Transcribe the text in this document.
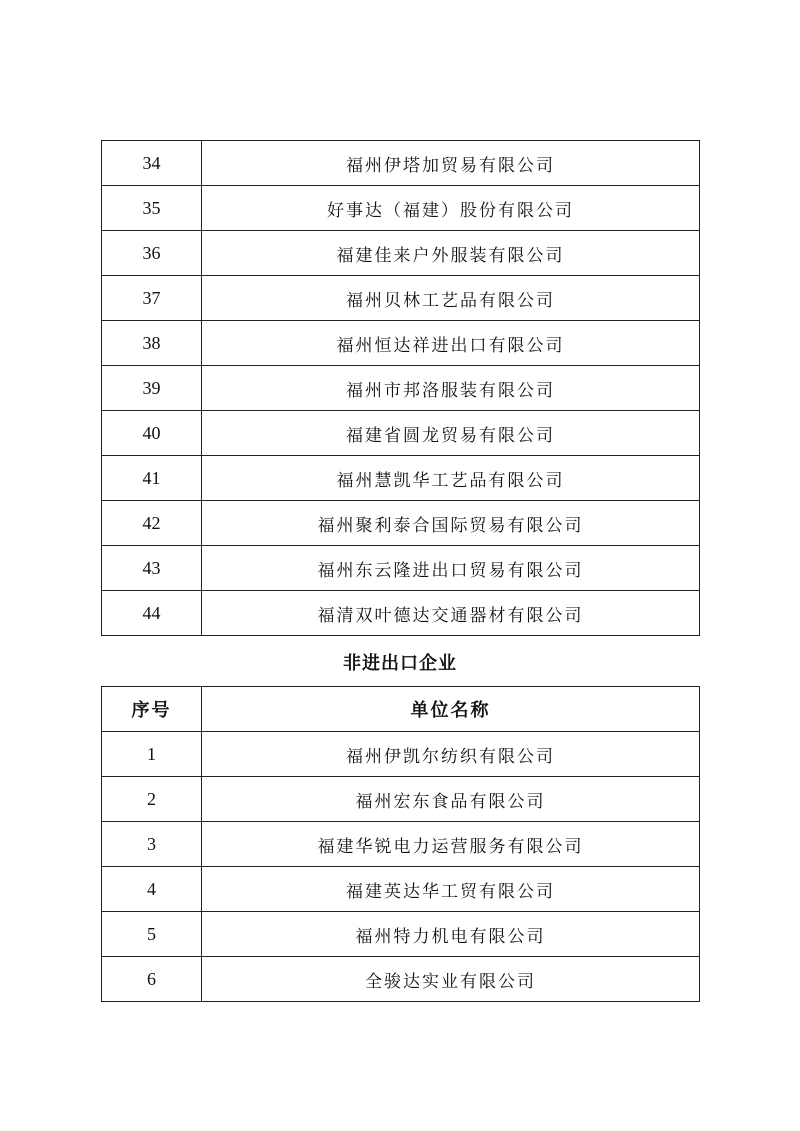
34	福州伊塔加贸易有限公司
35	好事达（福建）股份有限公司
36	福建佳来户外服装有限公司
37	福州贝林工艺品有限公司
38	福州恒达祥进出口有限公司
39	福州市邦洛服装有限公司
40	福建省圆龙贸易有限公司
41	福州慧凯华工艺品有限公司
42	福州聚利泰合国际贸易有限公司
43	福州东云隆进出口贸易有限公司
44	福清双叶德达交通器材有限公司
非进出口企业
序号	单位名称
1	福州伊凯尔纺织有限公司
2	福州宏东食品有限公司
3	福建华锐电力运营服务有限公司
4	福建英达华工贸有限公司
5	福州特力机电有限公司
6	全骏达实业有限公司
